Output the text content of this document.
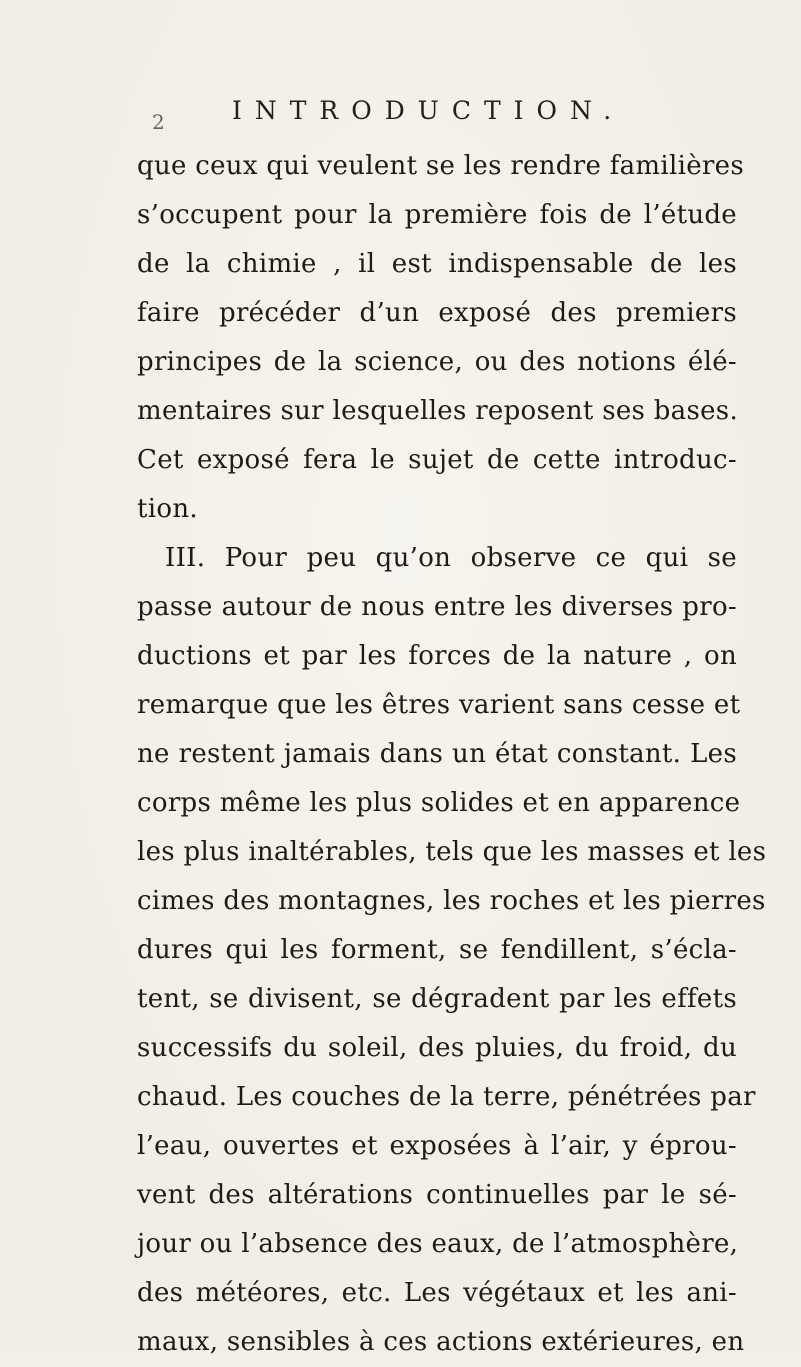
2	INTRODUCTION.
que ceux qui veulent se les rendre familières
s’occupent pour la première fois de l’étude
de la chimie , il est indispensable de les
faire précéder d’un exposé des premiers
principes de la science, ou des notions élé-
mentaires sur lesquelles reposent ses bases.
Cet exposé fera le sujet de cette introduc-
tion.
III. Pour peu qu’on observe ce qui se
passe autour de nous entre les diverses pro-
ductions et par les forces de la nature , on
remarque que les êtres varient sans cesse et
ne restent jamais dans un état constant. Les
corps même les plus solides et en apparence
les plus inaltérables, tels que les masses et les
cimes des montagnes, les roches et les pierres
dures qui les forment, se fendillent, s’écla-
tent, se divisent, se dégradent par les effets
successifs du soleil, des pluies, du froid, du
chaud. Les couches de la terre, pénétrées par
l’eau, ouvertes et exposées à l’air, y éprou-
vent des altérations continuelles par le sé-
jour ou l’absence des eaux, de l’atmosphère,
des météores, etc. Les végétaux et les ani-
maux, sensibles à ces actions extérieures, en
